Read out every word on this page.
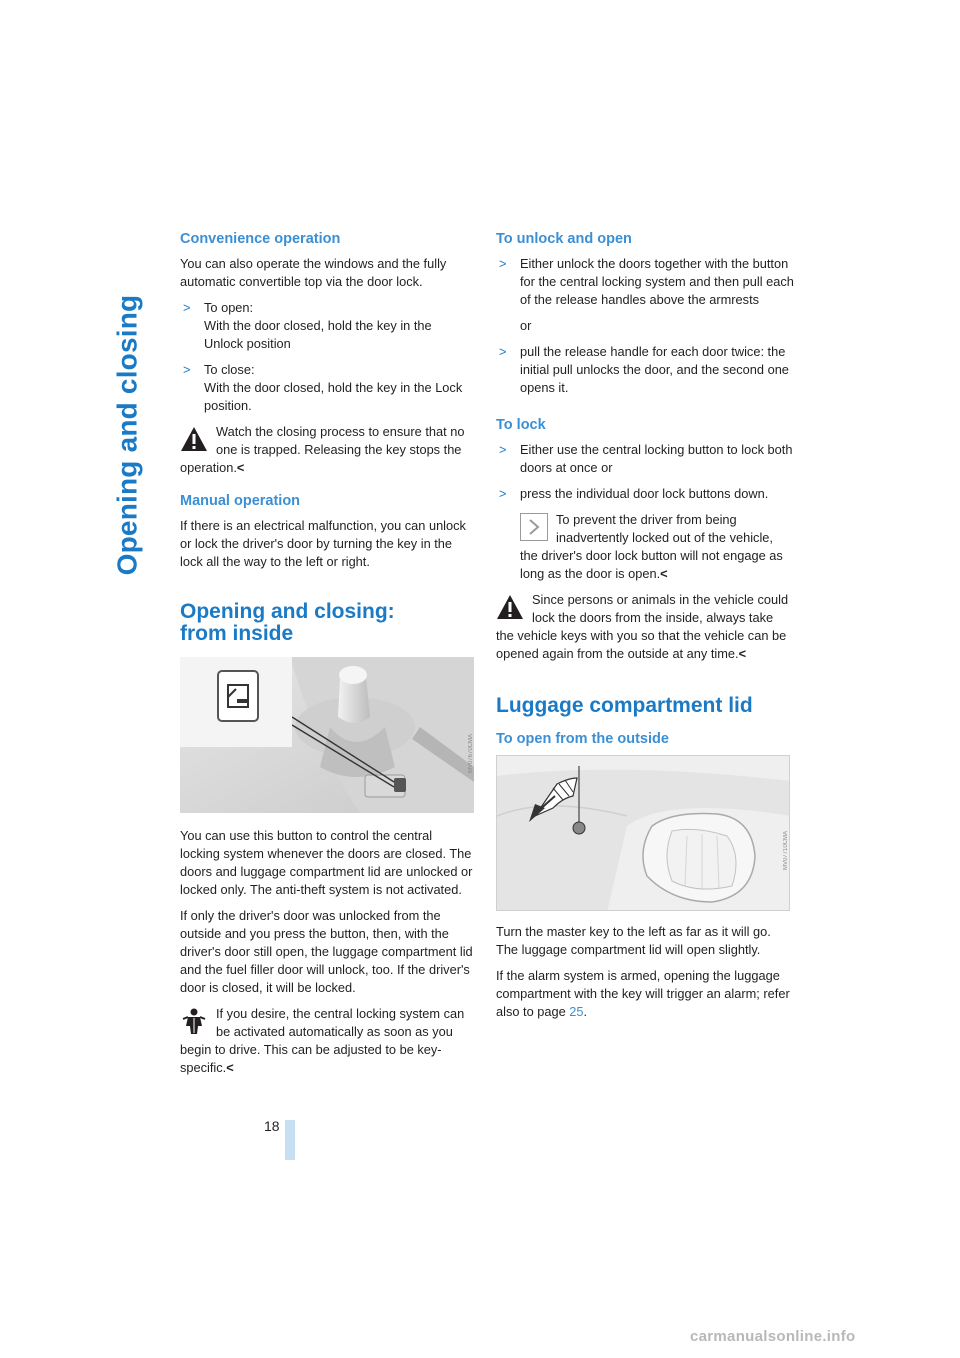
Opening and closing
18
Convenience operation

You can also operate the windows and the fully automatic convertible top via the door lock.

> To open:
With the door closed, hold the key in the Unlock position
> To close:
With the door closed, hold the key in the Lock position.
Watch the closing process to ensure that no one is trapped. Releasing the key stops the operation.<
Manual operation

If there is an electrical malfunction, you can unlock or lock the driver's door by turning the key in the lock all the way to the left or right.

Opening and closing:
from inside
MV07670CMA

You can use this button to control the central locking system whenever the doors are closed. The doors and luggage compartment lid are unlocked or locked only. The anti-theft system is not activated.

If only the driver's door was unlocked from the outside and you press the button, then, with the driver's door still open, the luggage compartment lid and the fuel filler door will unlock, too. If the driver's door is closed, it will be locked.

If you desire, the central locking system can be activated automatically as soon as you begin to drive. This can be adjusted to be key-specific.<
To unlock and open
> Either unlock the doors together with the button for the central locking system and then pull each of the release handles above the armrests

or

> pull the release handle for each door twice: the initial pull unlocks the door, and the second one opens it.
To lock
> Either use the central locking button to lock both doors at once or
> press the individual door lock buttons down.
To prevent the driver from being inadvertently locked out of the vehicle, the driver's door lock button will not engage as long as the door is open.<
Since persons or animals in the vehicle could lock the doors from the inside, always take the vehicle keys with you so that the vehicle can be opened again from the outside at any time.<
Luggage compartment lid
To open from the outside
MV07710CMA

Turn the master key to the left as far as it will go. The luggage compartment lid will open slightly.

If the alarm system is armed, opening the luggage compartment with the key will trigger an alarm; refer also to page 25.

carmanualsonline.info
